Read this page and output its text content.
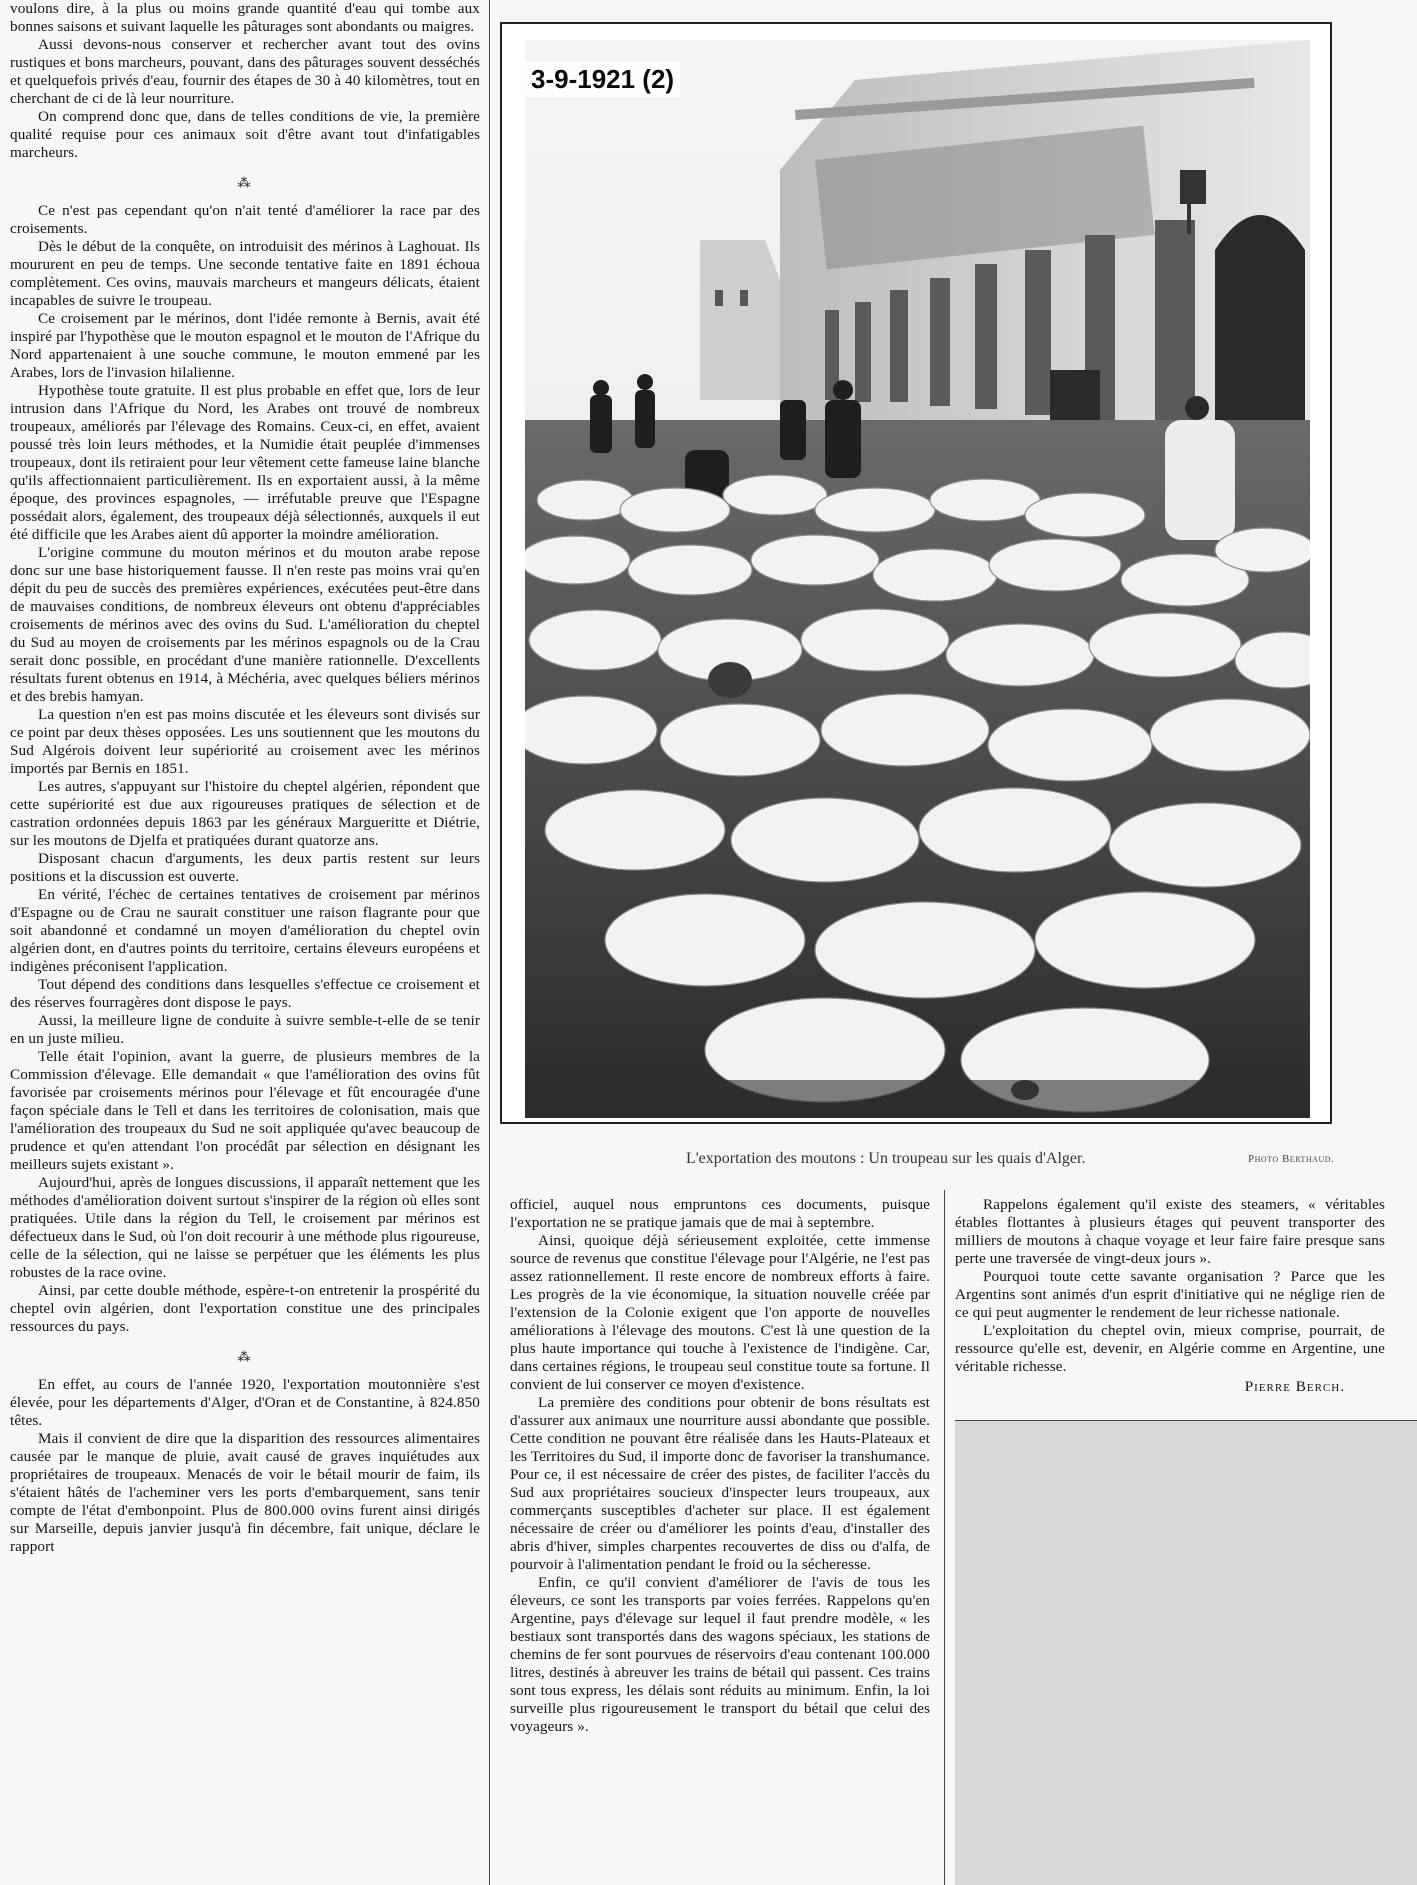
voulons dire, à la plus ou moins grande quantité d'eau qui tombe aux bonnes saisons et suivant laquelle les pâturages sont abondants ou maigres.

Aussi devons-nous conserver et rechercher avant tout des ovins rustiques et bons marcheurs, pouvant, dans des pâturages souvent desséchés et quelquefois privés d'eau, fournir des étapes de 30 à 40 kilomètres, tout en cherchant de ci de là leur nourriture.

On comprend donc que, dans de telles conditions de vie, la première qualité requise pour ces animaux soit d'être avant tout d'infatigables marcheurs.

⁂

Ce n'est pas cependant qu'on n'ait tenté d'améliorer la race par des croisements.

Dès le début de la conquête, on introduisit des mérinos à Laghouat. Ils moururent en peu de temps. Une seconde tentative faite en 1891 échoua complètement. Ces ovins, mauvais marcheurs et mangeurs délicats, étaient incapables de suivre le troupeau.

Ce croisement par le mérinos, dont l'idée remonte à Bernis, avait été inspiré par l'hypothèse que le mouton espagnol et le mouton de l'Afrique du Nord appartenaient à une souche commune, le mouton emmené par les Arabes, lors de l'invasion hilalienne.

Hypothèse toute gratuite. Il est plus probable en effet que, lors de leur intrusion dans l'Afrique du Nord, les Arabes ont trouvé de nombreux troupeaux, améliorés par l'élevage des Romains. Ceux-ci, en effet, avaient poussé très loin leurs méthodes, et la Numidie était peuplée d'immenses troupeaux, dont ils retiraient pour leur vêtement cette fameuse laine blanche qu'ils affectionnaient particulièrement. Ils en exportaient aussi, à la même époque, des provinces espagnoles, — irréfutable preuve que l'Espagne possédait alors, également, des troupeaux déjà sélectionnés, auxquels il eut été difficile que les Arabes aient dû apporter la moindre amélioration.

L'origine commune du mouton mérinos et du mouton arabe repose donc sur une base historiquement fausse. Il n'en reste pas moins vrai qu'en dépit du peu de succès des premières expériences, exécutées peut-être dans de mauvaises conditions, de nombreux éleveurs ont obtenu d'appréciables croisements de mérinos avec des ovins du Sud. L'amélioration du cheptel du Sud au moyen de croisements par les mérinos espagnols ou de la Crau serait donc possible, en procédant d'une manière rationnelle. D'excellents résultats furent obtenus en 1914, à Méchéria, avec quelques béliers mérinos et des brebis hamyan.

La question n'en est pas moins discutée et les éleveurs sont divisés sur ce point par deux thèses opposées. Les uns soutiennent que les moutons du Sud Algérois doivent leur supériorité au croisement avec les mérinos importés par Bernis en 1851.

Les autres, s'appuyant sur l'histoire du cheptel algérien, répondent que cette supériorité est due aux rigoureuses pratiques de sélection et de castration ordonnées depuis 1863 par les généraux Margueritte et Diétrie, sur les moutons de Djelfa et pratiquées durant quatorze ans.

Disposant chacun d'arguments, les deux partis restent sur leurs positions et la discussion est ouverte.

En vérité, l'échec de certaines tentatives de croisement par mérinos d'Espagne ou de Crau ne saurait constituer une raison flagrante pour que soit abandonné et condamné un moyen d'amélioration du cheptel ovin algérien dont, en d'autres points du territoire, certains éleveurs européens et indigènes préconisent l'application.

Tout dépend des conditions dans lesquelles s'effectue ce croisement et des réserves fourragères dont dispose le pays.

Aussi, la meilleure ligne de conduite à suivre semble-t-elle de se tenir en un juste milieu.

Telle était l'opinion, avant la guerre, de plusieurs membres de la Commission d'élevage. Elle demandait « que l'amélioration des ovins fût favorisée par croisements mérinos pour l'élevage et fût encouragée d'une façon spéciale dans le Tell et dans les territoires de colonisation, mais que l'amélioration des troupeaux du Sud ne soit appliquée qu'avec beaucoup de prudence et qu'en attendant l'on procédât par sélection en désignant les meilleurs sujets existant ».

Aujourd'hui, après de longues discussions, il apparaît nettement que les méthodes d'amélioration doivent surtout s'inspirer de la région où elles sont pratiquées. Utile dans la région du Tell, le croisement par mérinos est défectueux dans le Sud, où l'on doit recourir à une méthode plus rigoureuse, celle de la sélection, qui ne laisse se perpétuer que les éléments les plus robustes de la race ovine.

Ainsi, par cette double méthode, espère-t-on entretenir la prospérité du cheptel ovin algérien, dont l'exportation constitue une des principales ressources du pays.

⁂

En effet, au cours de l'année 1920, l'exportation moutonnière s'est élevée, pour les départements d'Alger, d'Oran et de Constantine, à 824.850 têtes.

Mais il convient de dire que la disparition des ressources alimentaires causée par le manque de pluie, avait causé de graves inquiétudes aux propriétaires de troupeaux. Menacés de voir le bétail mourir de faim, ils s'étaient hâtés de l'acheminer vers les ports d'embarquement, sans tenir compte de l'état d'embonpoint. Plus de 800.000 ovins furent ainsi dirigés sur Marseille, depuis janvier jusqu'à fin décembre, fait unique, déclare le rapport

3-9-1921 (2)
L'exportation des moutons : Un troupeau sur les quais d'Alger.	Photo Berthaud.

officiel, auquel nous empruntons ces documents, puisque l'exportation ne se pratique jamais que de mai à septembre.

Ainsi, quoique déjà sérieusement exploitée, cette immense source de revenus que constitue l'élevage pour l'Algérie, ne l'est pas assez rationnellement. Il reste encore de nombreux efforts à faire. Les progrès de la vie économique, la situation nouvelle créée par l'extension de la Colonie exigent que l'on apporte de nouvelles améliorations à l'élevage des moutons. C'est là une question de la plus haute importance qui touche à l'existence de l'indigène. Car, dans certaines régions, le troupeau seul constitue toute sa fortune. Il convient de lui conserver ce moyen d'existence.

La première des conditions pour obtenir de bons résultats est d'assurer aux animaux une nourriture aussi abondante que possible. Cette condition ne pouvant être réalisée dans les Hauts-Plateaux et les Territoires du Sud, il importe donc de favoriser la transhumance. Pour ce, il est nécessaire de créer des pistes, de faciliter l'accès du Sud aux propriétaires soucieux d'inspecter leurs troupeaux, aux commerçants susceptibles d'acheter sur place. Il est également nécessaire de créer ou d'améliorer les points d'eau, d'installer des abris d'hiver, simples charpentes recouvertes de diss ou d'alfa, de pourvoir à l'alimentation pendant le froid ou la sécheresse.

Enfin, ce qu'il convient d'améliorer de l'avis de tous les éleveurs, ce sont les transports par voies ferrées. Rappelons qu'en Argentine, pays d'élevage sur lequel il faut prendre modèle, « les bestiaux sont transportés dans des wagons spéciaux, les stations de chemins de fer sont pourvues de réservoirs d'eau contenant 100.000 litres, destinés à abreuver les trains de bétail qui passent. Ces trains sont tous express, les délais sont réduits au minimum. Enfin, la loi surveille plus rigoureusement le transport du bétail que celui des voyageurs ».

Rappelons également qu'il existe des steamers, « véritables étables flottantes à plusieurs étages qui peuvent transporter des milliers de moutons à chaque voyage et leur faire faire presque sans perte une traversée de vingt-deux jours ».

Pourquoi toute cette savante organisation ? Parce que les Argentins sont animés d'un esprit d'initiative qui ne néglige rien de ce qui peut augmenter le rendement de leur richesse nationale.

L'exploitation du cheptel ovin, mieux comprise, pourrait, de ressource qu'elle est, devenir, en Algérie comme en Argentine, une véritable richesse.

Pierre Berch.
